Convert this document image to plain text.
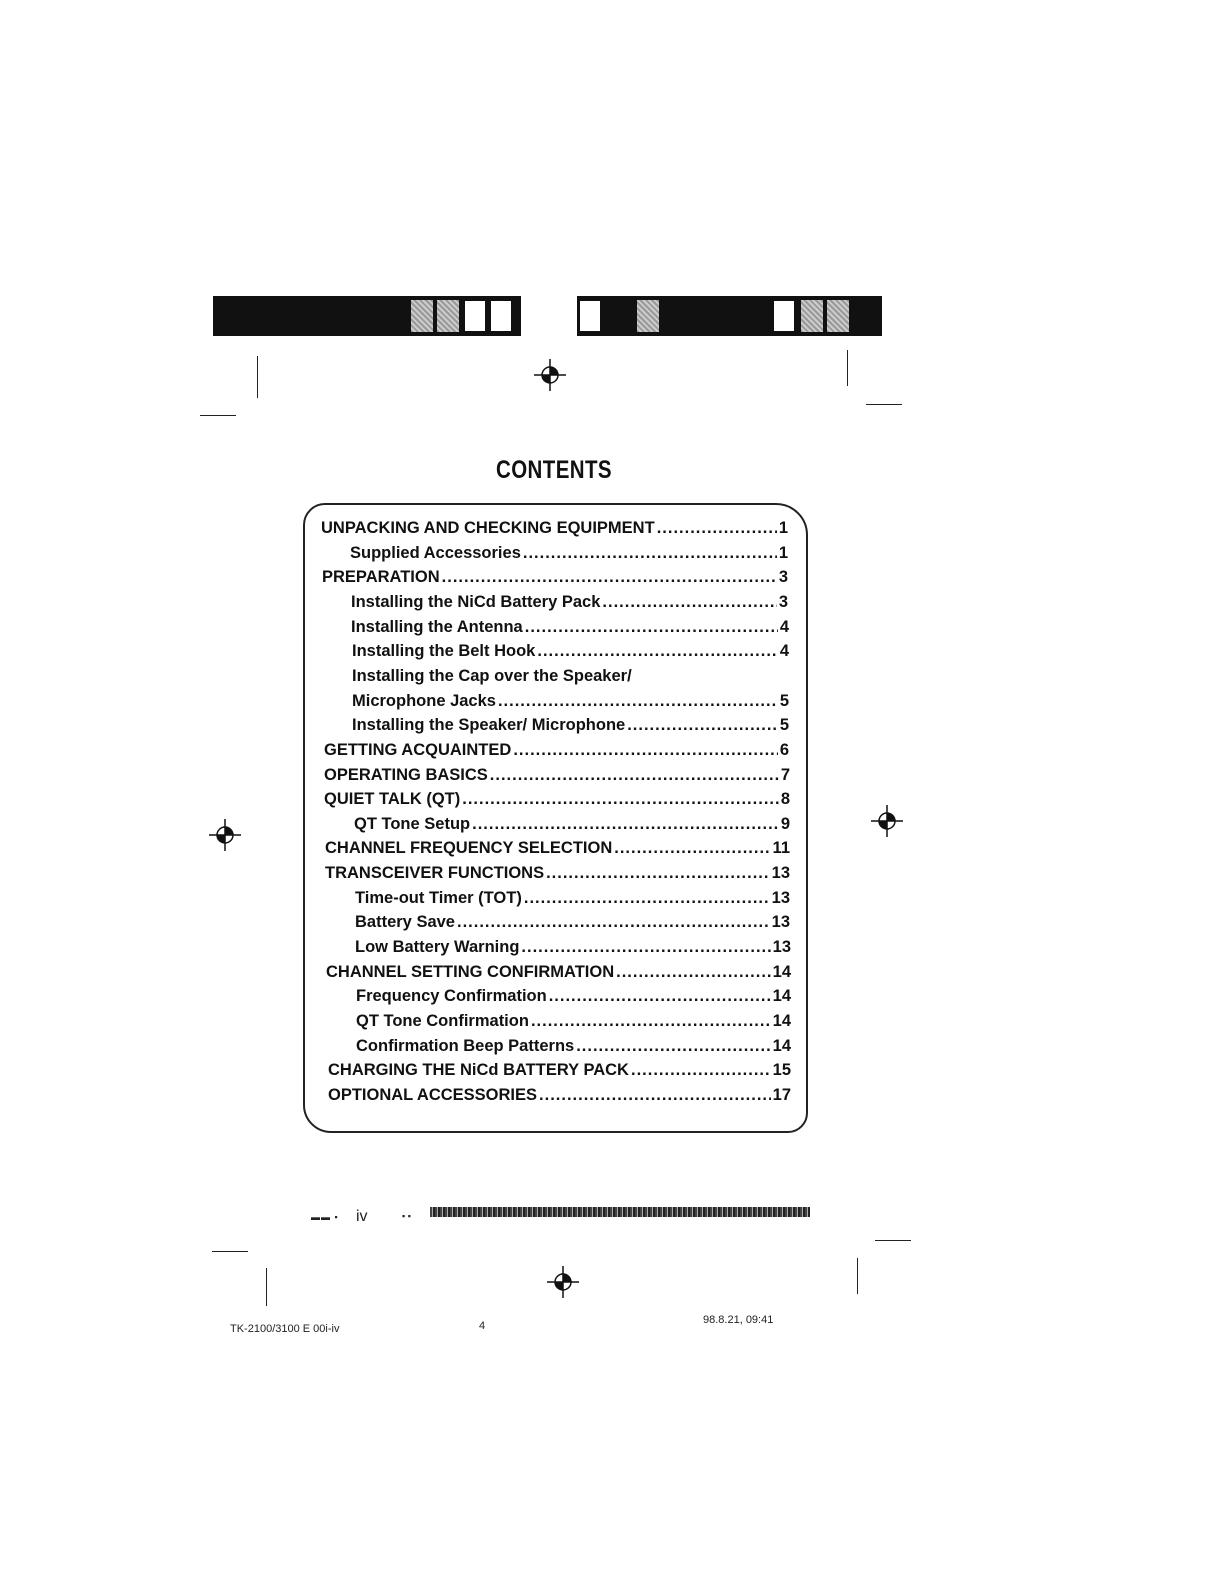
CONTENTS
UNPACKING AND CHECKING EQUIPMENT .....	1
Supplied Accessories .....	1
PREPARATION .....	3
Installing the NiCd Battery Pack .....	3
Installing the Antenna .....	4
Installing the Belt Hook .....	4
Installing the Cap over the Speaker/
Microphone Jacks .....	5
Installing the Speaker/ Microphone .....	5
GETTING ACQUAINTED .....	6
OPERATING BASICS .....	7
QUIET TALK (QT) .....	8
QT Tone Setup .....	9
CHANNEL FREQUENCY SELECTION .....	11
TRANSCEIVER FUNCTIONS .....	13
Time-out Timer (TOT) .....	13
Battery Save .....	13
Low Battery Warning .....	13
CHANNEL SETTING CONFIRMATION .....	14
Frequency Confirmation .....	14
QT Tone Confirmation .....	14
Confirmation Beep Patterns .....	14
CHARGING THE NiCd BATTERY PACK .....	15
OPTIONAL ACCESSORIES .....	17
▬▬ ▪ iv	▪ ▪
TK-2100/3100 E 00i-iv	4	98.8.21, 09:41
